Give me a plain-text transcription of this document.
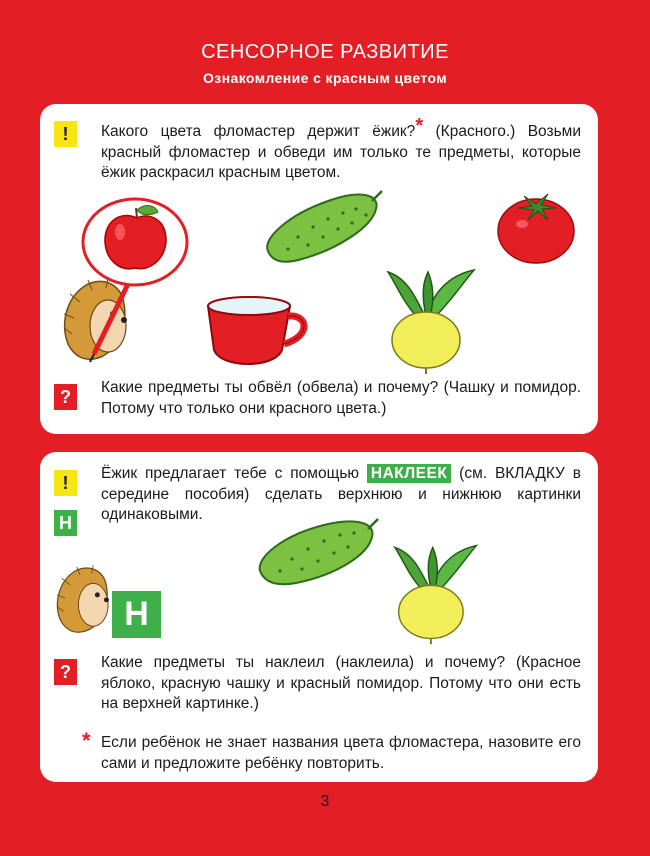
СЕНСОРНОЕ РАЗВИТИЕ
Ознакомление с красным цветом
!	Какого цвета фломастер держит ёжик?* (Красного.) Возьми красный фломастер и обведи им только те предметы, которые ёжик раскрасил красным цветом.

?	Какие предметы ты обвёл (обвела) и почему? (Чашку и помидор. Потому что только они красного цвета.)

!
Н

Ёжик предлагает тебе с помощью НАКЛЕЕК (см. ВКЛАДКУ в середине пособия) сделать верхнюю и нижнюю картинки одинаковыми.

Н
?	Какие предметы ты наклеил (наклеила) и почему? (Красное яблоко, красную чашку и красный помидор. Потому что они есть на верхней картинке.)

* Если ребёнок не знает названия цвета фломастера, назовите его сами и предложите ребёнку повторить.

3
